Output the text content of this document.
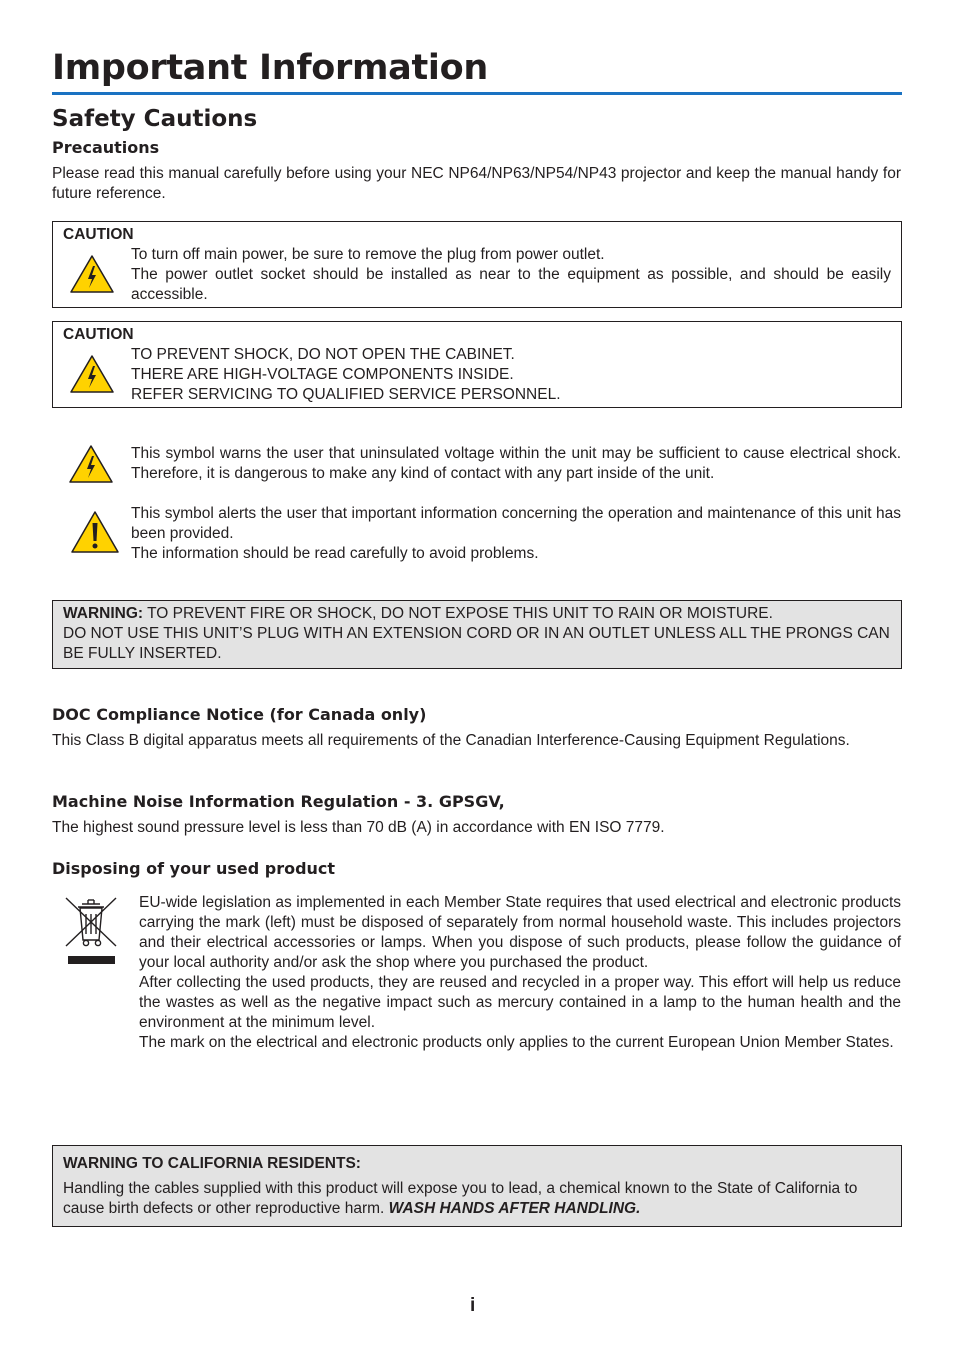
Important Information
Safety Cautions
Precautions
Please read this manual carefully before using your NEC NP64/NP63/NP54/NP43 projector and keep the manual handy for future reference.
CAUTION
To turn off main power, be sure to remove the plug from power outlet.
The power outlet socket should be installed as near to the equipment as possible, and should be easily accessible.
CAUTION
TO PREVENT SHOCK, DO NOT OPEN THE CABINET.
THERE ARE HIGH-VOLTAGE COMPONENTS INSIDE.
REFER SERVICING TO QUALIFIED SERVICE PERSONNEL.
This symbol warns the user that uninsulated voltage within the unit may be sufficient to cause electrical shock. Therefore, it is dangerous to make any kind of contact with any part inside of the unit.
This symbol alerts the user that important information concerning the operation and maintenance of this unit has been provided.
The information should be read carefully to avoid problems.
WARNING: TO PREVENT FIRE OR SHOCK, DO NOT EXPOSE THIS UNIT TO RAIN OR MOISTURE.
DO NOT USE THIS UNIT’S PLUG WITH AN EXTENSION CORD OR IN AN OUTLET UNLESS ALL THE PRONGS CAN BE FULLY INSERTED.
DOC Compliance Notice (for Canada only)
This Class B digital apparatus meets all requirements of the Canadian Interference-Causing Equipment Regulations.
Machine Noise Information Regulation - 3. GPSGV,
The highest sound pressure level is less than 70 dB (A) in accordance with EN ISO 7779.
Disposing of your used product
EU-wide legislation as implemented in each Member State requires that used electrical and electronic products carrying the mark (left) must be disposed of separately from normal household waste. This includes projectors and their electrical accessories or lamps. When you dispose of such products, please follow the guidance of your local authority and/or ask the shop where you purchased the product.
After collecting the used products, they are reused and recycled in a proper way. This effort will help us reduce the wastes as well as the negative impact such as mercury contained in a lamp to the human health and the environment at the minimum level.
The mark on the electrical and electronic products only applies to the current European Union Member States.
WARNING TO CALIFORNIA RESIDENTS:
Handling the cables supplied with this product will expose you to lead, a chemical known to the State of California to cause birth defects or other reproductive harm. WASH HANDS AFTER HANDLING.
i
